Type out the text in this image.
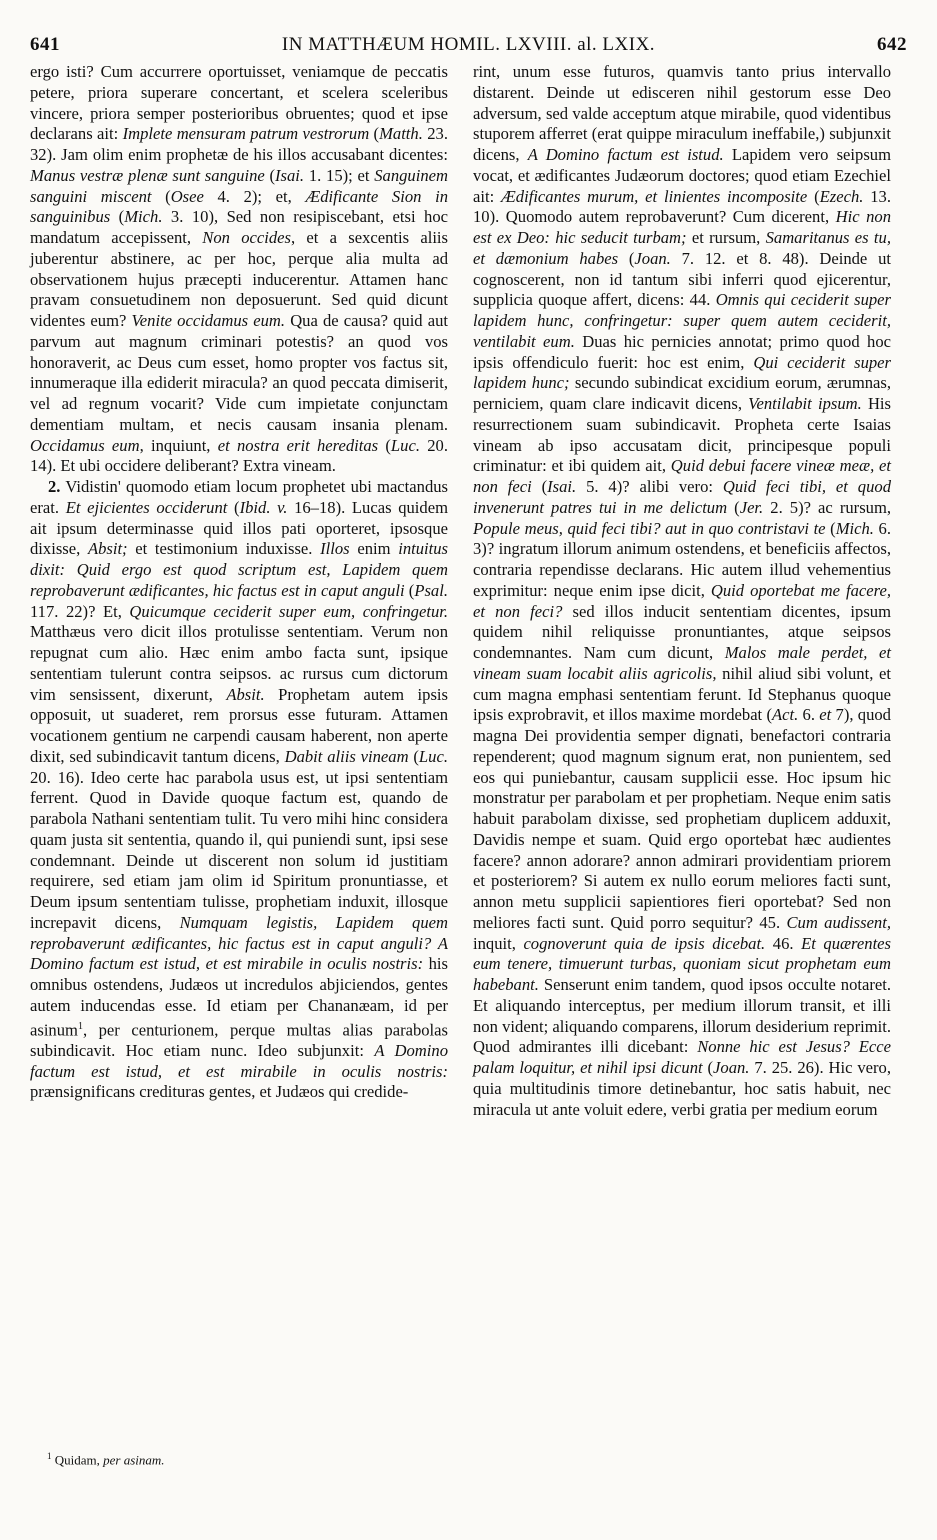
641	IN MATTHÆUM HOMIL. LXVIII. al. LXIX.	642

ergo isti? Cum accurrere oportuisset, veniamque de peccatis petere, priora superare concertant, et scelera sceleribus vincere, priora semper posterioribus obruentes; quod et ipse declarans ait: Implete mensuram patrum vestrorum (Matth. 23. 32). Jam olim enim prophetæ de his illos accusabant dicentes: Manus vestræ plenæ sunt sanguine (Isai. 1. 15); et Sanguinem sanguini miscent (Osee 4. 2); et, Ædificante Sion in sanguinibus (Mich. 3. 10), Sed non resipiscebant, etsi hoc mandatum accepissent, Non occides, et a sexcentis aliis juberentur abstinere, ac per hoc, perque alia multa ad observationem hujus præcepti inducerentur. Attamen hanc pravam consuetudinem non deposuerunt. Sed quid dicunt videntes eum? Venite occidamus eum. Qua de causa? quid aut parvum aut magnum criminari potestis? an quod vos honoraverit, ac Deus cum esset, homo propter vos factus sit, innumeraque illa ediderit miracula? an quod peccata dimiserit, vel ad regnum vocarit? Vide cum impietate conjunctam dementiam multam, et necis causam insania plenam. Occidamus eum, inquiunt, et nostra erit hereditas (Luc. 20. 14). Et ubi occidere deliberant? Extra vineam.

2. Vidistin' quomodo etiam locum prophetet ubi mactandus erat. Et ejicientes occiderunt (Ibid. v. 16–18). Lucas quidem ait ipsum determinasse quid illos pati oporteret, ipsosque dixisse, Absit; et testimonium induxisse. Illos enim intuitus dixit: Quid ergo est quod scriptum est, Lapidem quem reprobaverunt ædificantes, hic factus est in caput anguli (Psal. 117. 22)? Et, Quicumque ceciderit super eum, confringetur. Matthæus vero dicit illos protulisse sententiam. Verum non repugnat cum alio. Hæc enim ambo facta sunt, ipsique sententiam tulerunt contra seipsos. ac rursus cum dictorum vim sensissent, dixerunt, Absit. Prophetam autem ipsis opposuit, ut suaderet, rem prorsus esse futuram. Attamen vocationem gentium ne carpendi causam haberent, non aperte dixit, sed subindicavit tantum dicens, Dabit aliis vineam (Luc. 20. 16). Ideo certe hac parabola usus est, ut ipsi sententiam ferrent. Quod in Davide quoque factum est, quando de parabola Nathani sententiam tulit. Tu vero mihi hinc considera quam justa sit sententia, quando il, qui puniendi sunt, ipsi sese condemnant. Deinde ut discerent non solum id justitiam requirere, sed etiam jam olim id Spiritum pronuntiasse, et Deum ipsum sententiam tulisse, prophetiam induxit, illosque increpavit dicens, Numquam legistis, Lapidem quem reprobaverunt ædificantes, hic factus est in caput anguli? A Domino factum est istud, et est mirabile in oculis nostris: his omnibus ostendens, Judæos ut incredulos abjiciendos, gentes autem inducendas esse. Id etiam per Chananæam, id per asinum$^1$, per centurionem, perque multas alias parabolas subindicavit. Hoc etiam nunc. Ideo subjunxit: A Domino factum est istud, et est mirabile in oculis nostris: prænsignificans credituras gentes, et Judæos qui credide-

rint, unum esse futuros, quamvis tanto prius intervallo distarent. Deinde ut edisceren nihil gestorum esse Deo adversum, sed valde acceptum atque mirabile, quod videntibus stuporem afferret (erat quippe miraculum ineffabile,) subjunxit dicens, A Domino factum est istud. Lapidem vero seipsum vocat, et ædificantes Judæorum doctores; quod etiam Ezechiel ait: Ædificantes murum, et linientes incomposite (Ezech. 13. 10). Quomodo autem reprobaverunt? Cum dicerent, Hic non est ex Deo: hic seducit turbam; et rursum, Samaritanus es tu, et dæmonium habes (Joan. 7. 12. et 8. 48). Deinde ut cognoscerent, non id tantum sibi inferri quod ejicerentur, supplicia quoque affert, dicens: 44. Omnis qui ceciderit super lapidem hunc, confringetur: super quem autem ceciderit, ventilabit eum. Duas hic pernicies annotat; primo quod hoc ipsis offendiculo fuerit: hoc est enim, Qui ceciderit super lapidem hunc; secundo subindicat excidium eorum, ærumnas, perniciem, quam clare indicavit dicens, Ventilabit ipsum. His resurrectionem suam subindicavit. Propheta certe Isaias vineam ab ipso accusatam dicit, principesque populi criminatur: et ibi quidem ait, Quid debui facere vineæ meæ, et non feci (Isai. 5. 4)? alibi vero: Quid feci tibi, et quod invenerunt patres tui in me delictum (Jer. 2. 5)? ac rursum, Popule meus, quid feci tibi? aut in quo contristavi te (Mich. 6. 3)? ingratum illorum animum ostendens, et beneficiis affectos, contraria rependisse declarans. Hic autem illud vehementius exprimitur: neque enim ipse dicit, Quid oportebat me facere, et non feci? sed illos inducit sententiam dicentes, ipsum quidem nihil reliquisse pronuntiantes, atque seipsos condemnantes. Nam cum dicunt, Malos male perdet, et vineam suam locabit aliis agricolis, nihil aliud sibi volunt, et cum magna emphasi sententiam ferunt. Id Stephanus quoque ipsis exprobravit, et illos maxime mordebat (Act. 6. et 7), quod magna Dei providentia semper dignati, benefactori contraria rependerent; quod magnum signum erat, non punientem, sed eos qui puniebantur, causam supplicii esse. Hoc ipsum hic monstratur per parabolam et per prophetiam. Neque enim satis habuit parabolam dixisse, sed prophetiam duplicem adduxit, Davidis nempe et suam. Quid ergo oportebat hæc audientes facere? annon adorare? annon admirari providentiam priorem et posteriorem? Si autem ex nullo eorum meliores facti sunt, annon metu supplicii sapientiores fieri oportebat? Sed non meliores facti sunt. Quid porro sequitur? 45. Cum audissent, inquit, cognoverunt quia de ipsis dicebat. 46. Et quærentes eum tenere, timuerunt turbas, quoniam sicut prophetam eum habebant. Senserunt enim tandem, quod ipsos occulte notaret. Et aliquando interceptus, per medium illorum transit, et illi non vident; aliquando comparens, illorum desiderium reprimit. Quod admirantes illi dicebant: Nonne hic est Jesus? Ecce palam loquitur, et nihil ipsi dicunt (Joan. 7. 25. 26). Hic vero, quia multitudinis timore detinebantur, hoc satis habuit, nec miracula ut ante voluit edere, verbi gratia per medium eorum

$^1$ Quidam, per asinam.
